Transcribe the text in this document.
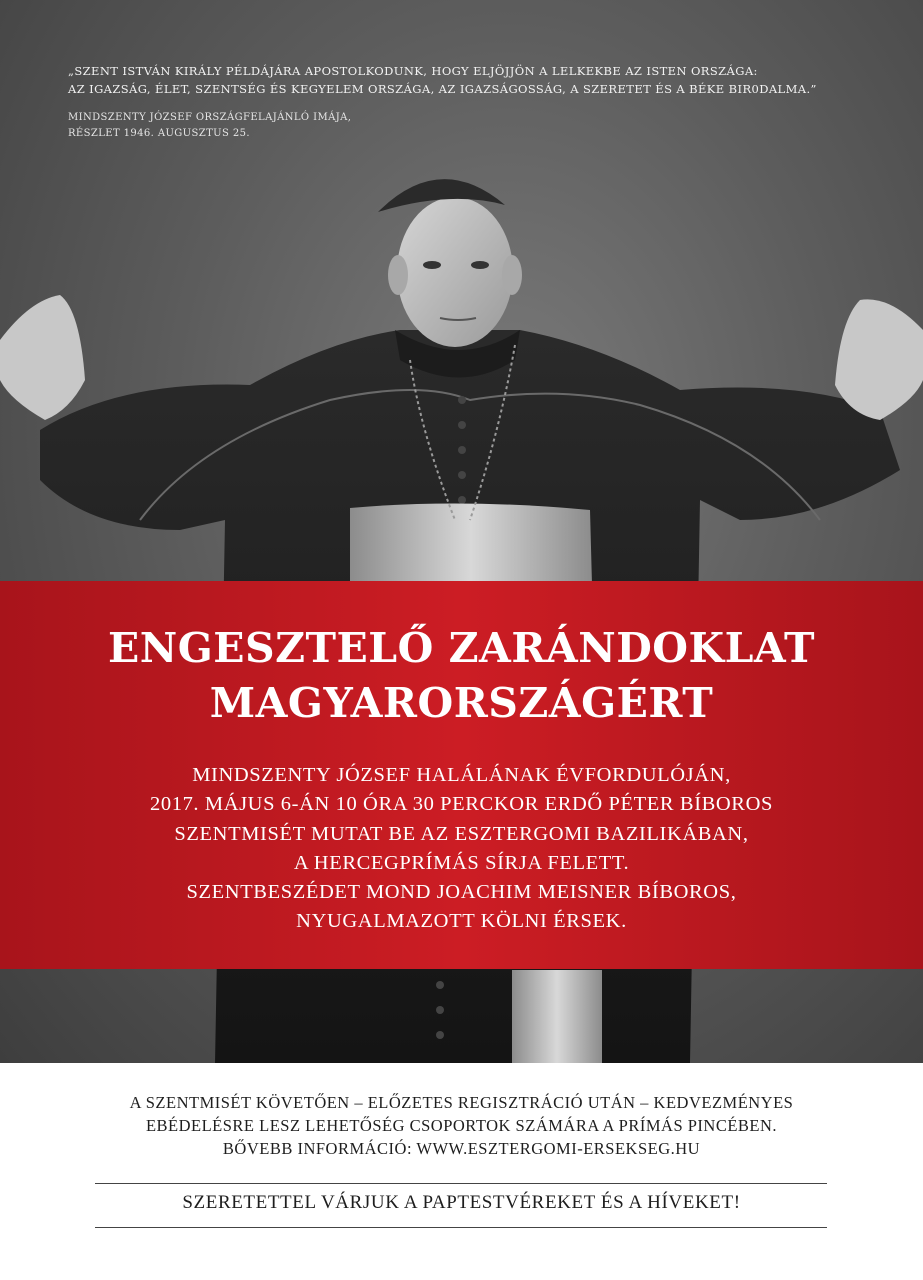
„SZENT ISTVÁN KIRÁLY PÉLDÁJÁRA APOSTOLKODUNK, HOGY ELJÖJJÖN A LELKEKBE AZ ISTEN ORSZÁGA:

AZ IGAZSÁG, ÉLET, SZENTSÉG ÉS KEGYELEM ORSZÁGA, AZ IGAZSÁGOSSÁG, A SZERETET ÉS A BÉKE BIR0DALMA.”

MINDSZENTY JÓZSEF ORSZÁGFELAJÁNLÓ IMÁJA,
RÉSZLET 1946. AUGUSZTUS 25.

ENGESZTELŐ ZARÁNDOKLAT
MAGYARORSZÁGÉRT
MINDSZENTY JÓZSEF HALÁLÁNAK ÉVFORDULÓJÁN,
2017. MÁJUS 6-ÁN 10 ÓRA 30 PERCKOR ERDŐ PÉTER BÍBOROS
SZENTMISÉT MUTAT BE AZ ESZTERGOMI BAZILIKÁBAN,
A HERCEGPRÍMÁS SÍRJA FELETT.
SZENTBESZÉDET MOND JOACHIM MEISNER BÍBOROS,
NYUGALMAZOTT KÖLNI ÉRSEK.
A SZENTMISÉT KÖVETŐEN – ELŐZETES REGISZTRÁCIÓ UTÁN – KEDVEZMÉNYES
EBÉDELÉSRE LESZ LEHETŐSÉG CSOPORTOK SZÁMÁRA A PRÍMÁS PINCÉBEN.
BŐVEBB INFORMÁCIÓ: WWW.ESZTERGOMI-ERSEKSEG.HU
SZERETETTEL VÁRJUK A PAPTESTVÉREKET ÉS A HÍVEKET!
